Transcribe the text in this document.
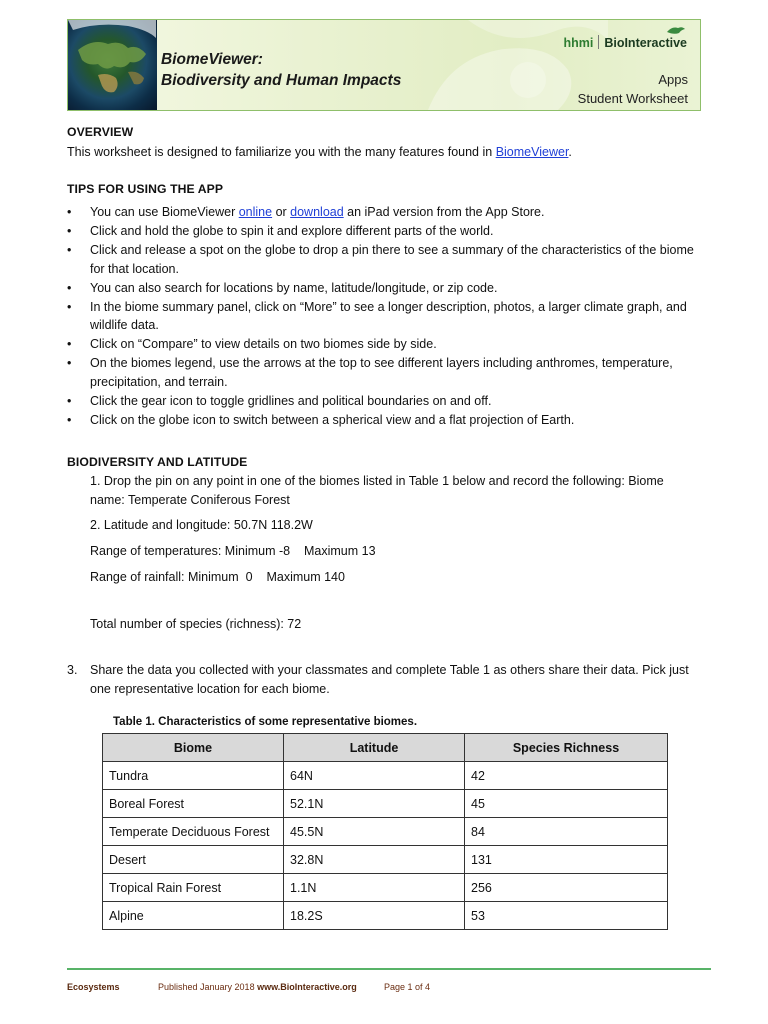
BiomeViewer:
Biodiversity and Human Impacts
hhmi BioInteractive
Apps
Student Worksheet
OVERVIEW
This worksheet is designed to familiarize you with the many features found in BiomeViewer.
TIPS FOR USING THE APP
• You can use BiomeViewer online or download an iPad version from the App Store.
• Click and hold the globe to spin it and explore different parts of the world.
• Click and release a spot on the globe to drop a pin there to see a summary of the characteristics of the biome for that location.
• You can also search for locations by name, latitude/longitude, or zip code.
• In the biome summary panel, click on “More” to see a longer description, photos, a larger climate graph, and wildlife data.
• Click on “Compare” to view details on two biomes side by side.
• On the biomes legend, use the arrows at the top to see different layers including anthromes, temperature, precipitation, and terrain.
• Click the gear icon to toggle gridlines and political boundaries on and off.
• Click on the globe icon to switch between a spherical view and a flat projection of Earth.
BIODIVERSITY AND LATITUDE
1. Drop the pin on any point in one of the biomes listed in Table 1 below and record the following: Biome
name: Temperate Coniferous Forest
2. Latitude and longitude: 50.7N 118.2W
Range of temperatures: Minimum -8    Maximum 13
Range of rainfall: Minimum  0    Maximum 140
Total number of species (richness): 72
3. Share the data you collected with your classmates and complete Table 1 as others share their data. Pick just
one representative location for each biome.
Table 1. Characteristics of some representative biomes.
Biome	Latitude	Species Richness
Tundra	64N	42
Boreal Forest	52.1N	45
Temperate Deciduous Forest	45.5N	84
Desert	32.8N	131
Tropical Rain Forest	1.1N	256
Alpine	18.2S	53
Ecosystems	Published January 2018 www.BioInteractive.org	Page 1 of 4
